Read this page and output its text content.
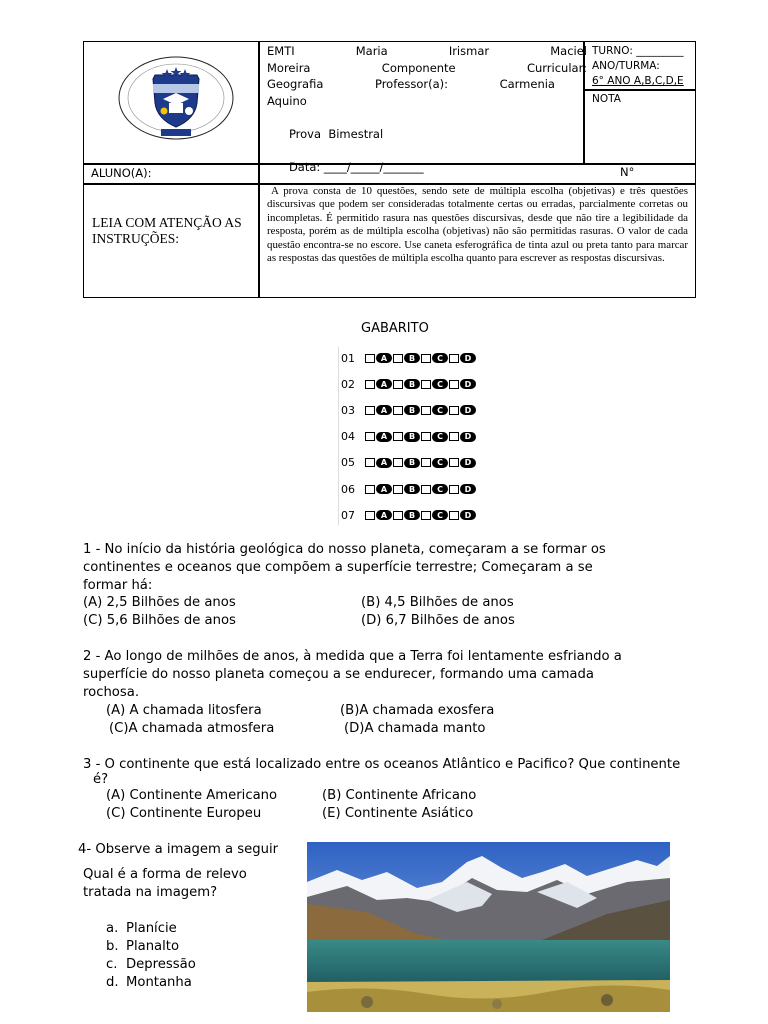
EMTI	Maria	Irismar	Maciel
Moreira	Componente	Curricular:
Geografia	Professor(a):	Carmenia
Aquino

Prova  Bimestral

Data: ____/_____/_______

TURNO: _________
ANO/TURMA:
6° ANO A,B,C,D,E
NOTA
ALUNO(A):	N°
LEIA COM ATENÇÃO AS INSTRUÇÕES:
A prova consta de 10 questões, sendo sete de múltipla escolha (objetivas) e três questões discursivas que podem ser consideradas totalmente certas ou erradas, parcialmente corretas ou incompletas. É permitido rasura nas questões discursivas, desde que não tire a legibilidade da resposta, porém as de múltipla escolha (objetivas) não são permitidas rasuras. O valor de cada questão encontra-se no escore. Use caneta esferográfica de tinta azul ou preta tanto para marcar as respostas das questões de múltipla escolha quanto para escrever as respostas discursivas.
GABARITO
01	A	B	C	D
02	A	B	C	D
03	A	B	C	D
04	A	B	C	D
05	A	B	C	D
06	A	B	C	D
07	A	B	C	D
1 - No início da história geológica do nosso planeta, começaram a se formar os
continentes e oceanos que compõem a superfície terrestre; Começaram a se
formar há:
(A) 2,5 Bilhões de anos	(B) 4,5 Bilhões de anos
(C) 5,6 Bilhões de anos	(D) 6,7 Bilhões de anos
2 - Ao longo de milhões de anos, à medida que a Terra foi lentamente esfriando a
superfície do nosso planeta começou a se endurecer, formando uma camada
rochosa.
(A) A chamada litosfera	(B)A chamada exosfera
(C)A chamada atmosfera	(D)A chamada manto
3 - O continente que está localizado entre os oceanos Atlântico e Pacifico? Que continente
é?
(A) Continente Americano	(B) Continente Africano
(C) Continente Europeu	(E) Continente Asiático
4- Observe a imagem a seguir
Qual é a forma de relevo
tratada na imagem?
a. Planície
b. Planalto
c. Depressão
d. Montanha
